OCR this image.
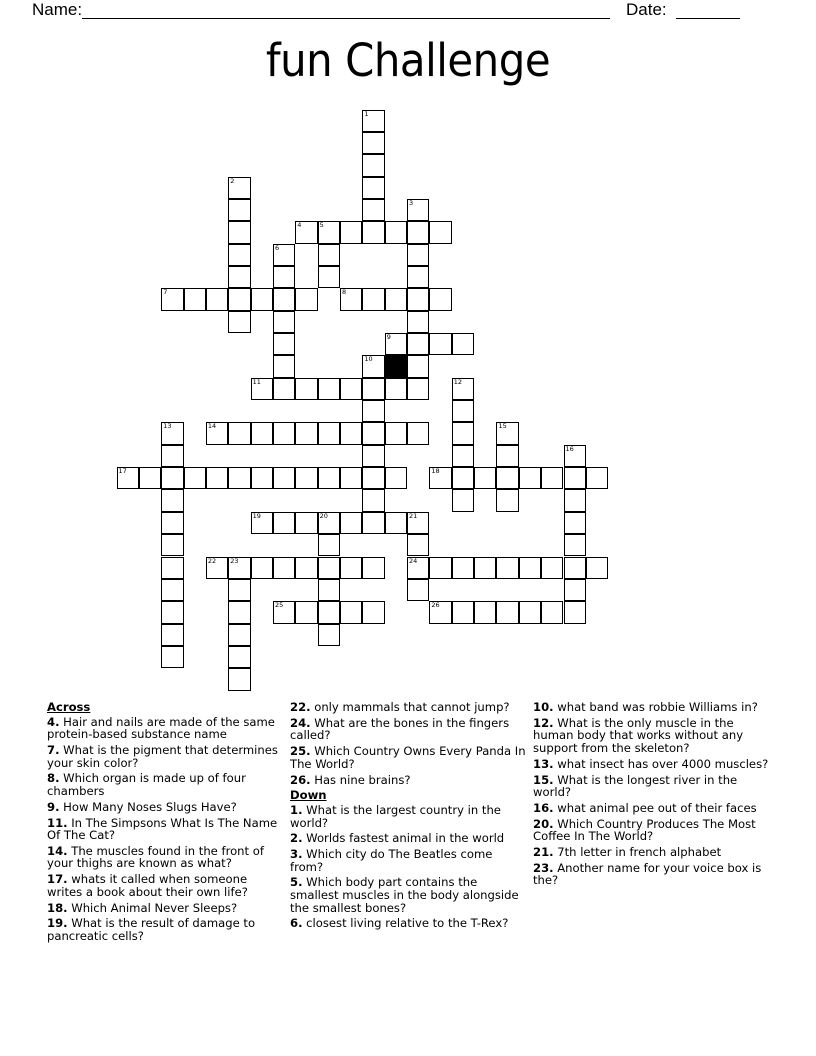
Name:	Date:
fun Challenge
1
2
3
4	5
6
7	8
9
10
11	12
13	14	15
16
17	18
19	20	21
24
22 23
25	26
Across
4. Hair and nails are made of the same protein-based substance name
7. What is the pigment that determines your skin color?
8. Which organ is made up of four chambers
9. How Many Noses Slugs Have?
11. In The Simpsons What Is The Name Of The Cat?
14. The muscles found in the front of your thighs are known as what?
17. whats it called when someone writes a book about their own life?
18. Which Animal Never Sleeps?
19. What is the result of damage to pancreatic cells?
22. only mammals that cannot jump?
24. What are the bones in the fingers called?
25. Which Country Owns Every Panda In The World?
26. Has nine brains?
Down
1. What is the largest country in the world?
2. Worlds fastest animal in the world
3. Which city do The Beatles come from?
5. Which body part contains the smallest muscles in the body alongside the smallest bones?
6. closest living relative to the T-Rex?
10. what band was robbie Williams in?
12. What is the only muscle in the human body that works without any support from the skeleton?
13. what insect has over 4000 muscles?
15. What is the longest river in the world?
16. what animal pee out of their faces
20. Which Country Produces The Most Coffee In The World?
21. 7th letter in french alphabet
23. Another name for your voice box is the?
